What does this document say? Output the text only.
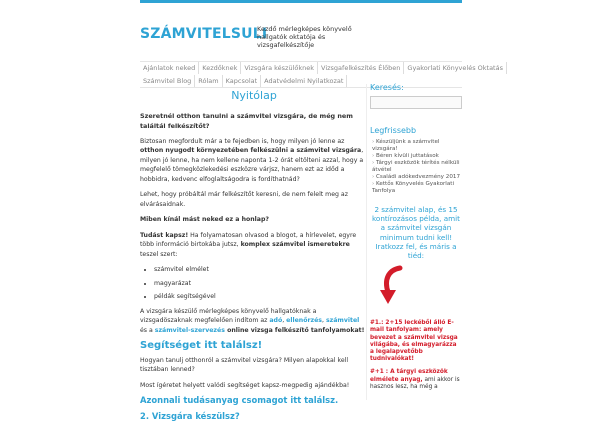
SZÁMVITELSULI
Kezdő mérlegképes könyvelő hallgatók oktatója és vizsgafelkészítője
Ajánlatok neked Kezdőknek Vizsgára készülőknek Vizsgafelkészítés Élőben Gyakorlati Könyvelés Oktatás
Számvitel Blog Rólam Kapcsolat Adatvédelmi Nyilatkozat
Nyitólap

Szeretnél otthon tanulni a számvitel vizsgára, de még nem találtál felkészítőt?

Biztosan megfordult már a te fejedben is, hogy milyen jó lenne az otthon nyugodt környezetében felkészülni a számvitel vizsgára, milyen jó lenne, ha nem kellene naponta 1-2 órát eltölteni azzal, hogy a megfelelő tömegközlekedési eszközre várjsz, hanem ezt az időd a hobbidra, kedvenc elfoglaltságodra is fordíthatnád?

Lehet, hogy próbáltál már felkészítőt keresni, de nem felelt meg az elvárásaidnak.

Miben kínál mást neked ez a honlap?

Tudást kapsz! Ha folyamatosan olvasod a blogot, a hírlevelet, egyre több információ birtokába jutsz, komplex számvitel ismeretekre teszel szert:

• számvitel elmélet
• magyarázat
• példák segítségével

A vizsgára készülő mérlegképes könyvelő hallgatóknak a vizsgadöszaknak megfelelően indítom az adó, ellenőrzés, számvitel és a számvitel-szervezés online vizsga felkészítő tanfolyamokat!

Segítséget itt találsz!

Hogyan tanulj otthonról a számvitel vizsgára? Milyen alapokkal kell tisztában lenned?

Most ígéretet helyett valódi segítséget kapsz-megpedig ajándékba!

Azonnali tudásanyag csomagot itt találsz.
2. Vizsgára készülsz?
Keresés:
Legfrissebb
› Készüljünk a számvitel vizsgára!
› Béren kívüli juttatások
› Tárgyi eszközök térítés nélküli átvétel
› Családi adókedvezmény 2017
› Kettős Könyvelés Gyakorlati Tanfolya
2 számvitel alap, és 15 kontírozásos példa, amit a számvitel vizsgán minimum tudni kell! Iratkozz fel, és máris a tiéd:

#1.: 2+15 leckéből álló E-mail tanfolyam: amely bevezet a számvitel vizsga világába, és elmagyarázza a legalapvetőbb tudnivalókat!

#+1 : A tárgyi eszközök elmélete anyag, ami akkor is hasznos lesz, ha még a
